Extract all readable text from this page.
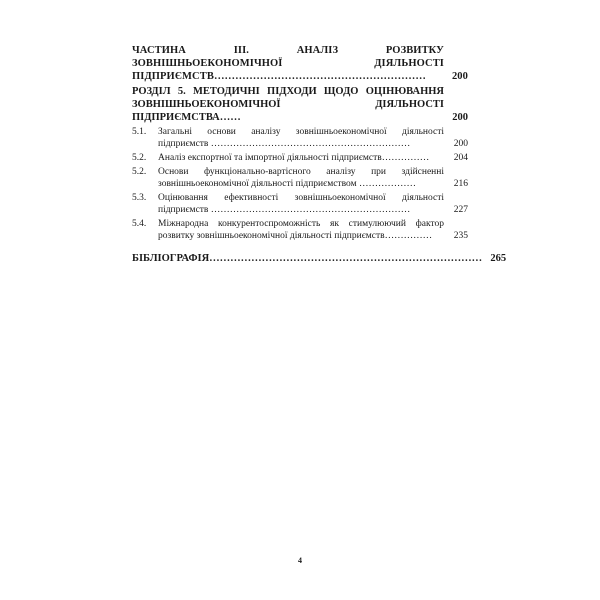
ЧАСТИНА III. АНАЛІЗ РОЗВИТКУ ЗОВНІШНЬОЕКОНОМІЧНОЇ ДІЯЛЬНОСТІ ПІДПРИЄМСТВ……………………………………………………	200
РОЗДІЛ 5. МЕТОДИЧНІ ПІДХОДИ ЩОДО ОЦІНЮВАННЯ ЗОВНІШНЬОЕКОНОМІЧНОЇ ДІЯЛЬНОСТІ ПІДПРИЄМСТВА……	200
5.1.	Загальні основи аналізу зовнішньоекономічної діяльності підприємств ………………………………………………………	200
5.2.	Аналіз експортної та імпортної діяльності підприємств……………	204
5.2.	Основи функціонально-вартісного аналізу при здійсненні зовнішньоекономічної діяльності підприємством ………………	216
5.3.	Оцінювання ефективності зовнішньоекономічної діяльності підприємств ………………………………………………………	227
5.4.	Міжнародна конкурентоспроможність як стимулюючий фактор розвитку зовнішньоекономічної діяльності підприємств……………	235
БІБЛІОГРАФІЯ…………………………………………………………………… 265
4
